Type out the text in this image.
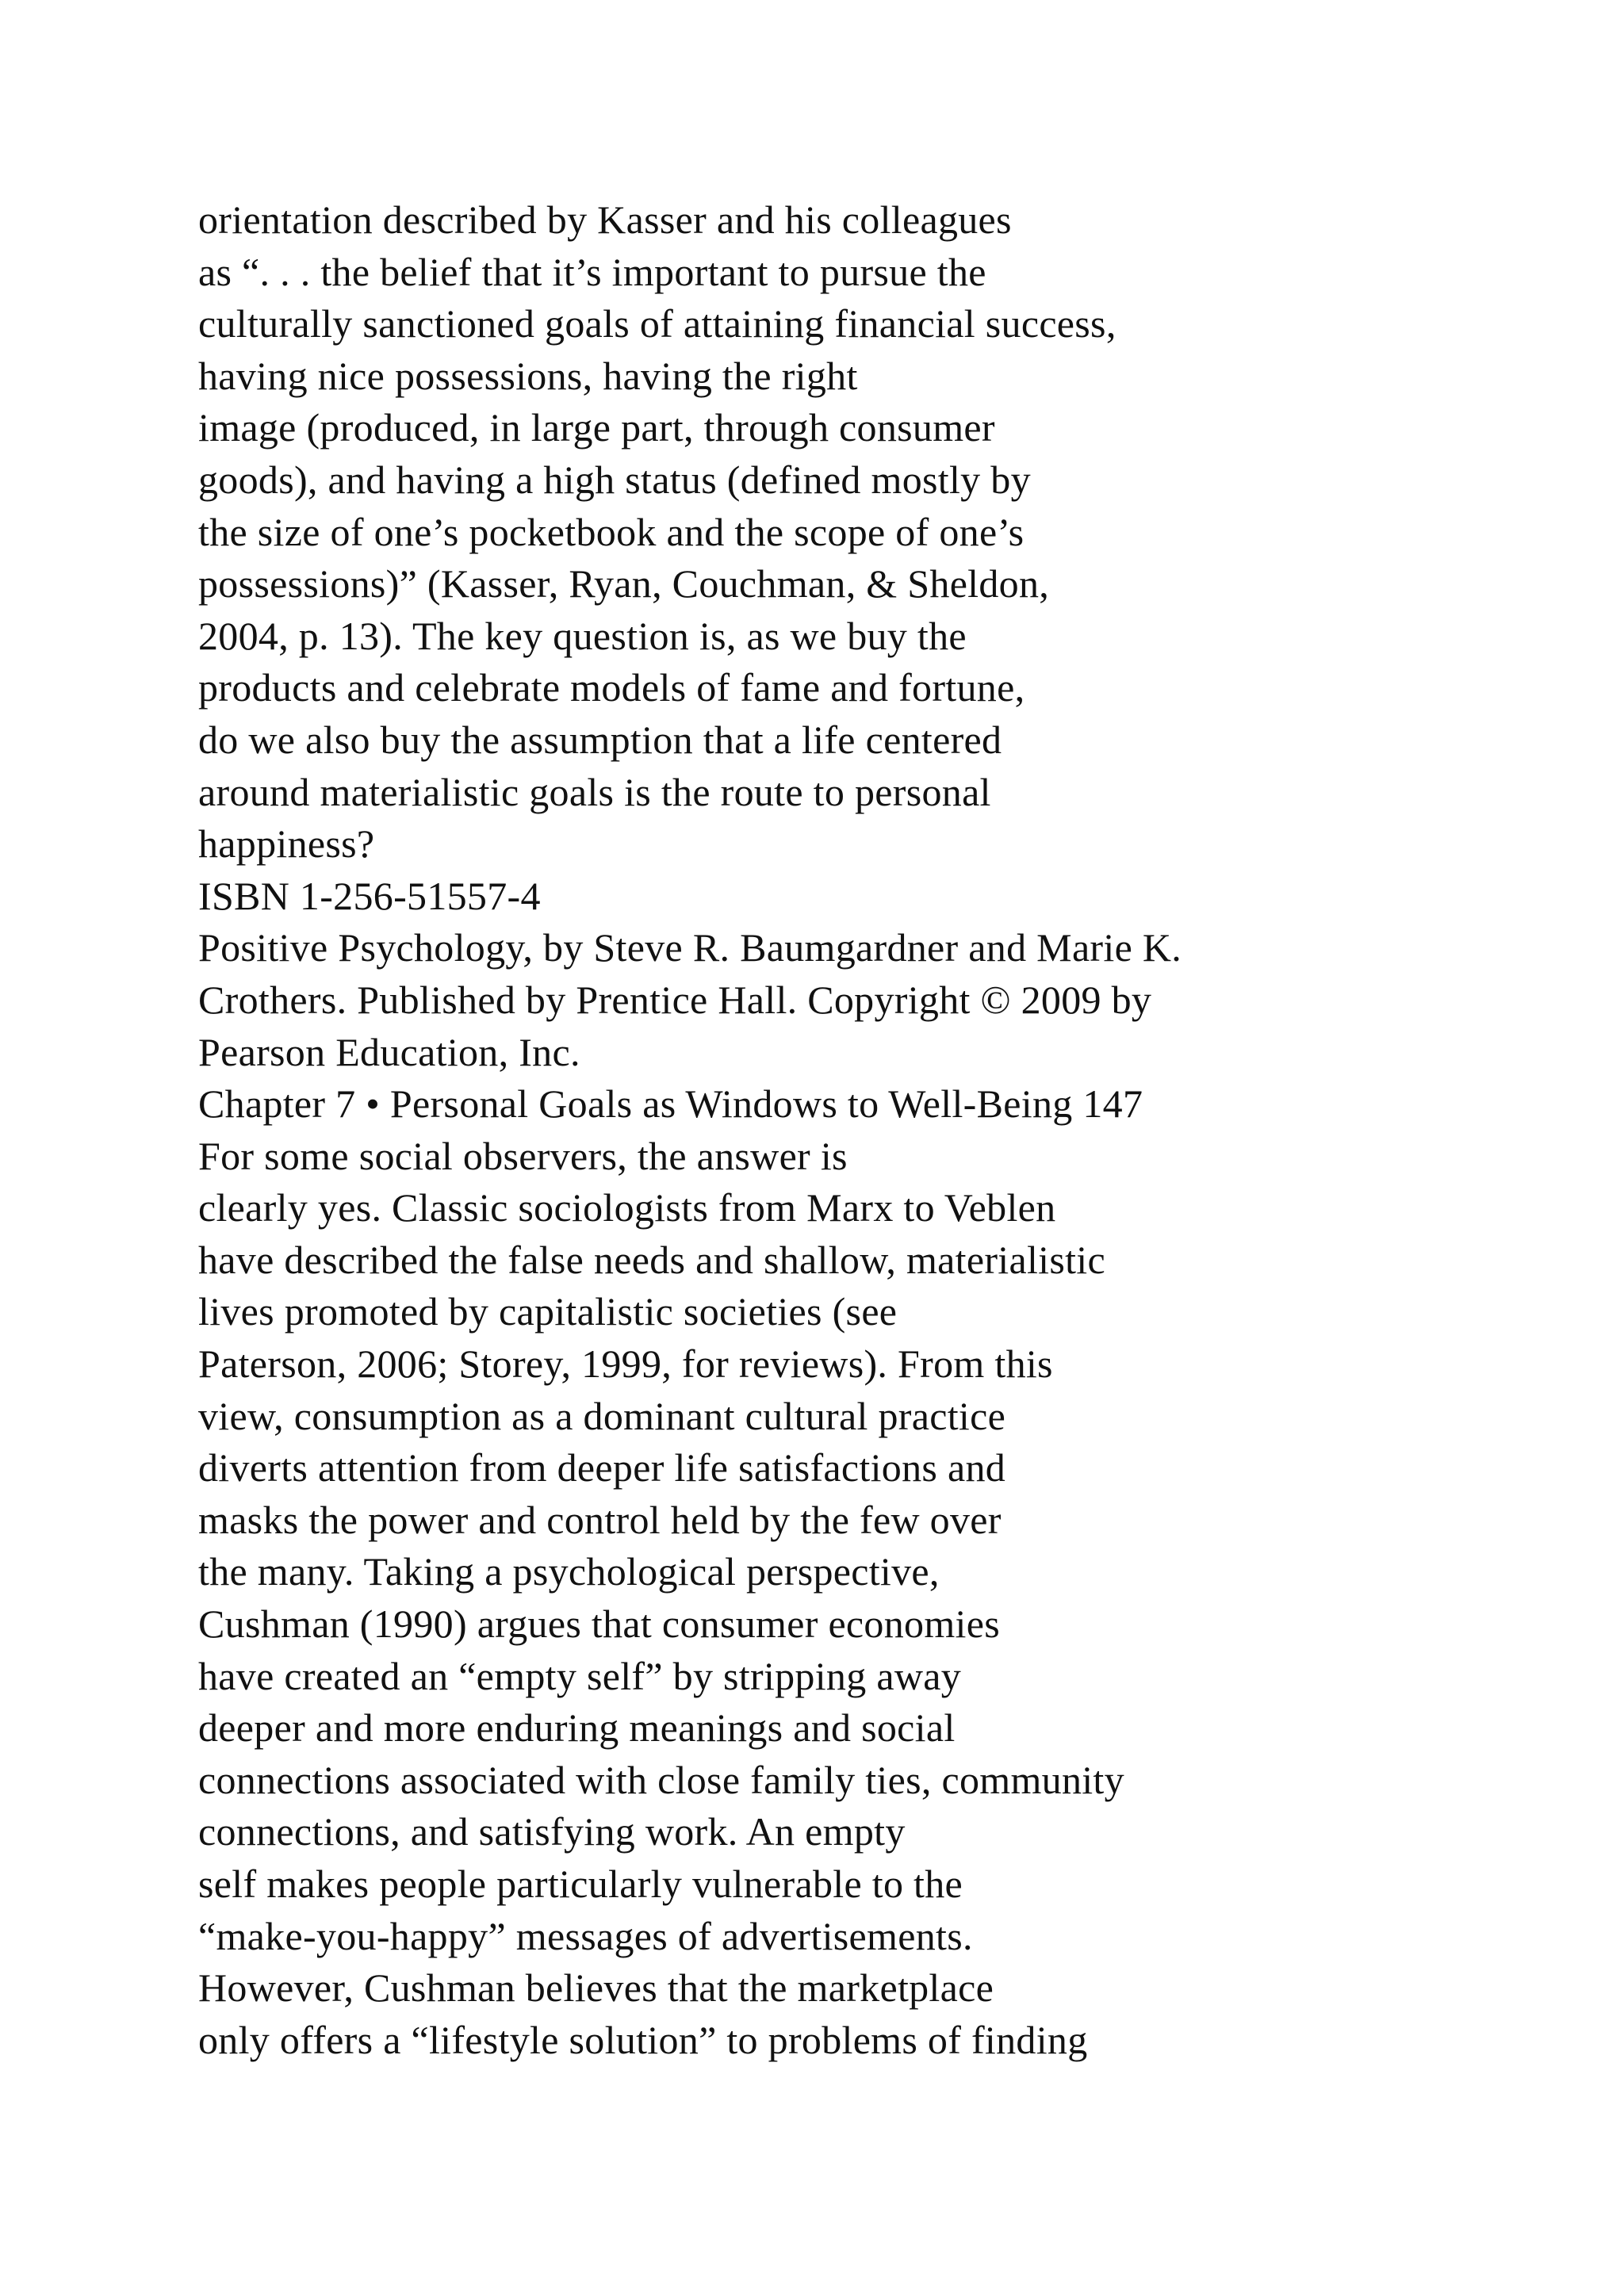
orientation described by Kasser and his colleagues
as “. . . the belief that it’s important to pursue the
culturally sanctioned goals of attaining financial success,
having nice possessions, having the right
image (produced, in large part, through consumer
goods), and having a high status (defined mostly by
the size of one’s pocketbook and the scope of one’s
possessions)” (Kasser, Ryan, Couchman, & Sheldon,
2004, p. 13). The key question is, as we buy the
products and celebrate models of fame and fortune,
do we also buy the assumption that a life centered
around materialistic goals is the route to personal
happiness?
ISBN 1-256-51557-4
Positive Psychology, by Steve R. Baumgardner and Marie K.
Crothers. Published by Prentice Hall. Copyright © 2009 by
Pearson Education, Inc.
Chapter 7 • Personal Goals as Windows to Well-Being 147
For some social observers, the answer is
clearly yes. Classic sociologists from Marx to Veblen
have described the false needs and shallow, materialistic
lives promoted by capitalistic societies (see
Paterson, 2006; Storey, 1999, for reviews). From this
view, consumption as a dominant cultural practice
diverts attention from deeper life satisfactions and
masks the power and control held by the few over
the many. Taking a psychological perspective,
Cushman (1990) argues that consumer economies
have created an “empty self” by stripping away
deeper and more enduring meanings and social
connections associated with close family ties, community
connections, and satisfying work. An empty
self makes people particularly vulnerable to the
“make-you-happy” messages of advertisements.
However, Cushman believes that the marketplace
only offers a “lifestyle solution” to problems of finding
